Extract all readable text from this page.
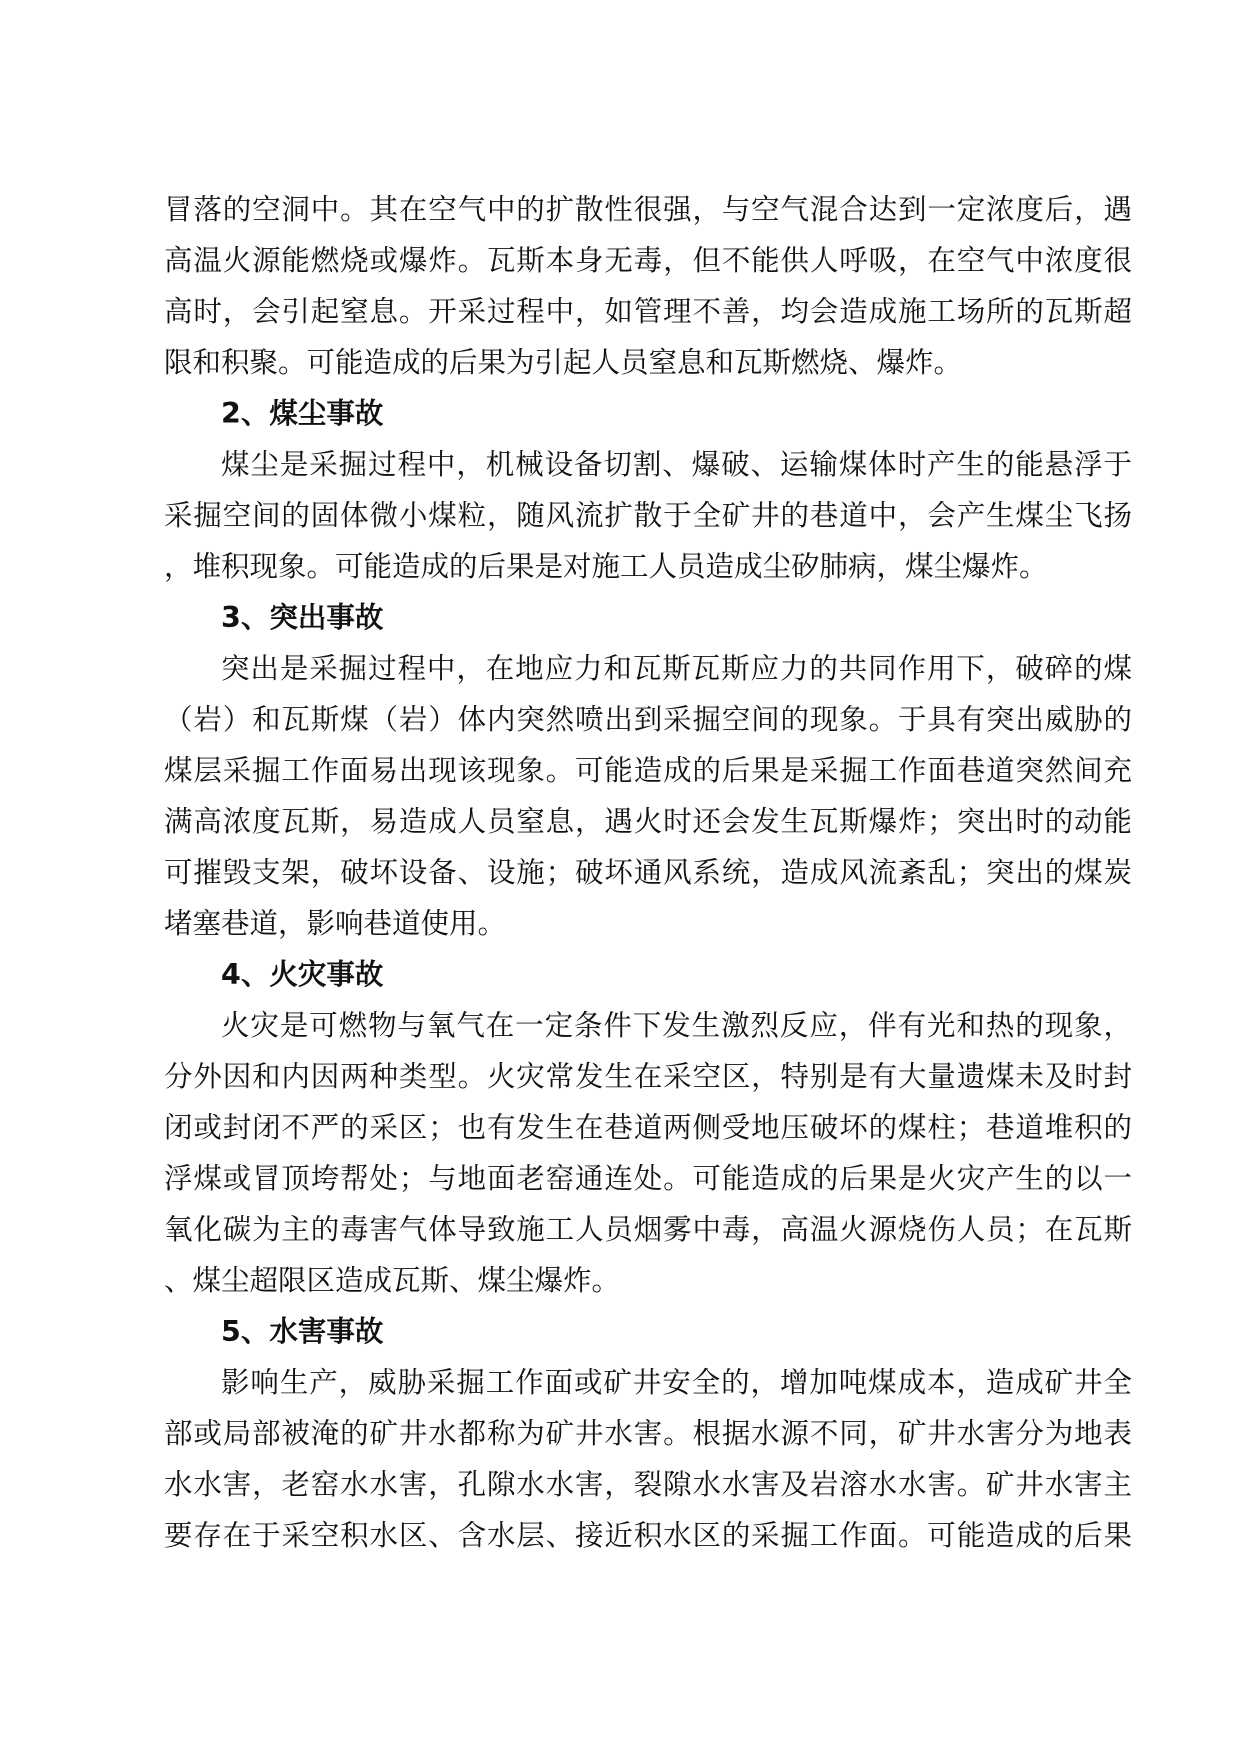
冒落的空洞中。其在空气中的扩散性很强，与空气混合达到一定浓度后，遇
高温火源能燃烧或爆炸。瓦斯本身无毒，但不能供人呼吸，在空气中浓度很
高时，会引起窒息。开采过程中，如管理不善，均会造成施工场所的瓦斯超
限和积聚。可能造成的后果为引起人员窒息和瓦斯燃烧、爆炸。
2、煤尘事故
煤尘是采掘过程中，机械设备切割、爆破、运输煤体时产生的能悬浮于
采掘空间的固体微小煤粒，随风流扩散于全矿井的巷道中，会产生煤尘飞扬
，堆积现象。可能造成的后果是对施工人员造成尘矽肺病，煤尘爆炸。
3、突出事故
突出是采掘过程中，在地应力和瓦斯瓦斯应力的共同作用下，破碎的煤
（岩）和瓦斯煤（岩）体内突然喷出到采掘空间的现象。于具有突出威胁的
煤层采掘工作面易出现该现象。可能造成的后果是采掘工作面巷道突然间充
满高浓度瓦斯，易造成人员窒息，遇火时还会发生瓦斯爆炸；突出时的动能
可摧毁支架，破坏设备、设施；破坏通风系统，造成风流紊乱；突出的煤炭
堵塞巷道，影响巷道使用。
4、火灾事故
火灾是可燃物与氧气在一定条件下发生激烈反应，伴有光和热的现象，
分外因和内因两种类型。火灾常发生在采空区，特别是有大量遗煤未及时封
闭或封闭不严的采区；也有发生在巷道两侧受地压破坏的煤柱；巷道堆积的
浮煤或冒顶垮帮处；与地面老窑通连处。可能造成的后果是火灾产生的以一
氧化碳为主的毒害气体导致施工人员烟雾中毒，高温火源烧伤人员；在瓦斯
、煤尘超限区造成瓦斯、煤尘爆炸。
5、水害事故
影响生产，威胁采掘工作面或矿井安全的，增加吨煤成本，造成矿井全
部或局部被淹的矿井水都称为矿井水害。根据水源不同，矿井水害分为地表
水水害，老窑水水害，孔隙水水害，裂隙水水害及岩溶水水害。矿井水害主
要存在于采空积水区、含水层、接近积水区的采掘工作面。可能造成的后果
